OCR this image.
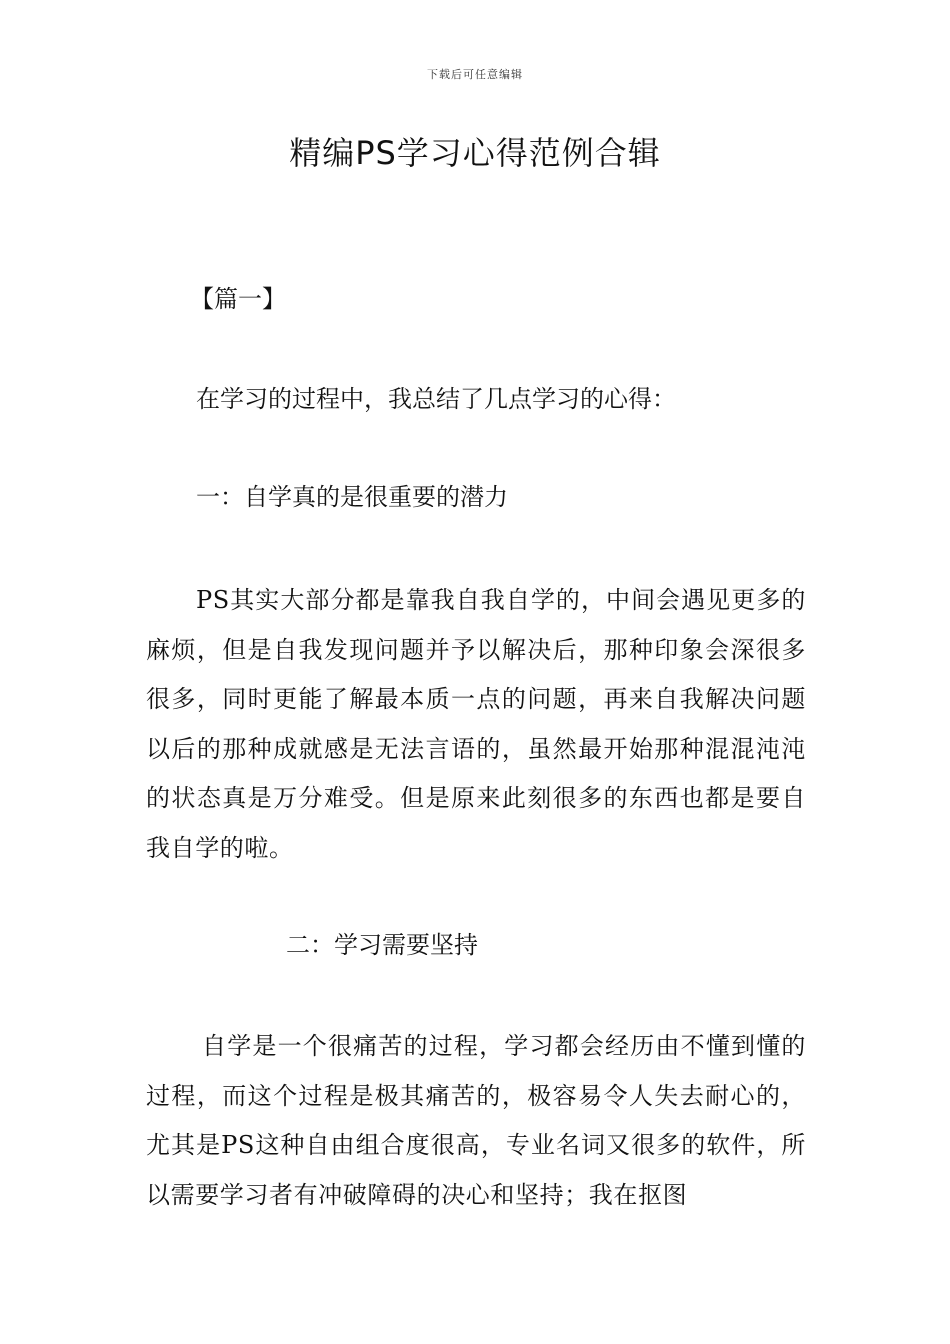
下载后可任意编辑
精编PS学习心得范例合辑
【篇一】
在学习的过程中，我总结了几点学习的心得：
一：自学真的是很重要的潜力

PS其实大部分都是靠我自我自学的，中间会遇见更多的麻烦，但是自我发现问题并予以解决后，那种印象会深很多很多，同时更能了解最本质一点的问题，再来自我解决问题以后的那种成就感是无法言语的，虽然最开始那种混混沌沌的状态真是万分难受。但是原来此刻很多的东西也都是要自我自学的啦。

二：学习需要坚持

自学是一个很痛苦的过程，学习都会经历由不懂到懂的过程，而这个过程是极其痛苦的，极容易令人失去耐心的，尤其是PS这种自由组合度很高，专业名词又很多的软件，所以需要学习者有冲破障碍的决心和坚持；我在抠图
